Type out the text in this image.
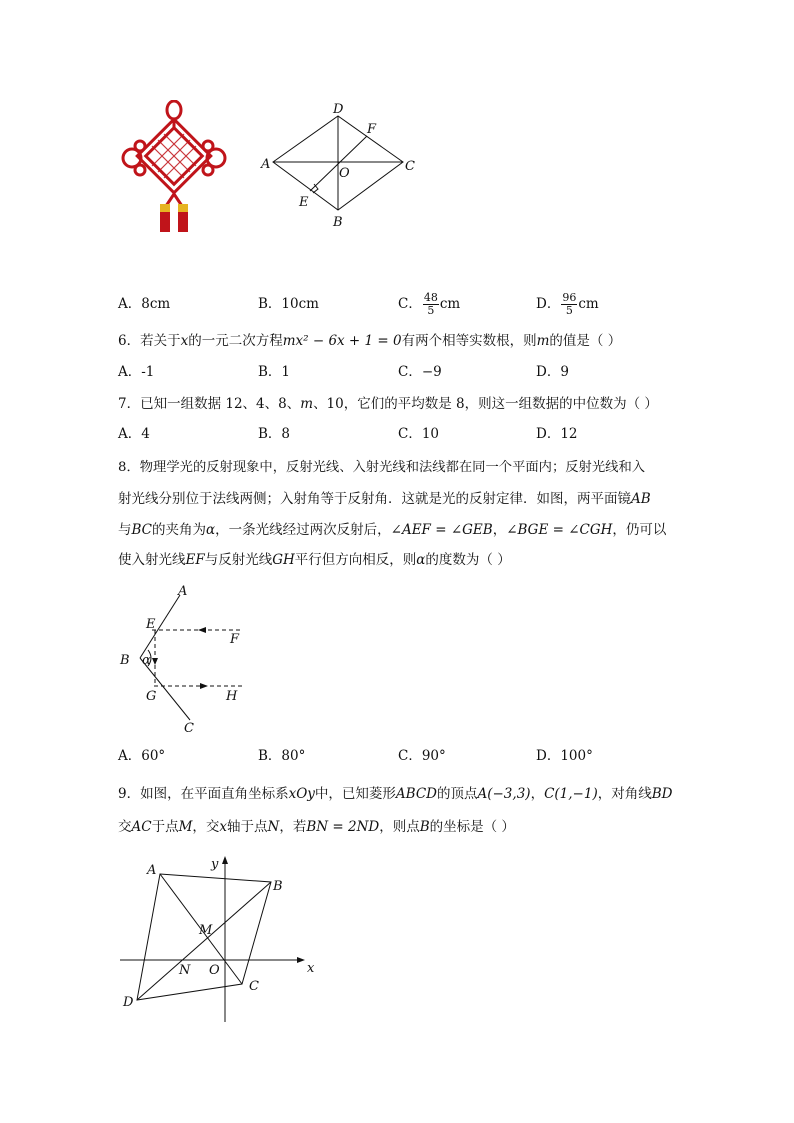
A
D
F
C
O
E
B
A．8cm	B．10cm	C． $\frac{48}{5}$ cm	D． $\frac{96}{5}$ cm
6．若关于x的一元二次方程mx² − 6x + 1 = 0有两个相等实数根，则m的值是（ ）
A．-1	B．1	C．−9	D．9
7．已知一组数据 12、4、8、m、10，它们的平均数是 8，则这一组数据的中位数为（ ）
A．4	B．8	C．10	D．12
8．物理学光的反射现象中，反射光线、入射光线和法线都在同一个平面内；反射光线和入
射光线分别位于法线两侧；入射角等于反射角．这就是光的反射定律．如图，两平面镜AB
与BC的夹角为α，一条光线经过两次反射后，∠AEF = ∠GEB，∠BGE = ∠CGH，仍可以
使入射光线EF与反射光线GH平行但方向相反，则α的度数为（ ）
A
E
F
B α
G	H
C
A．60°	B．80°	C．90°	D．100°
9．如图，在平面直角坐标系xOy中，已知菱形ABCD的顶点A(−3,3)，C(1,−1)，对角线BD
交AC于点M，交x轴于点N，若BN = 2ND，则点B的坐标是（ ）
x
y
A
B
M
N O
C
D
